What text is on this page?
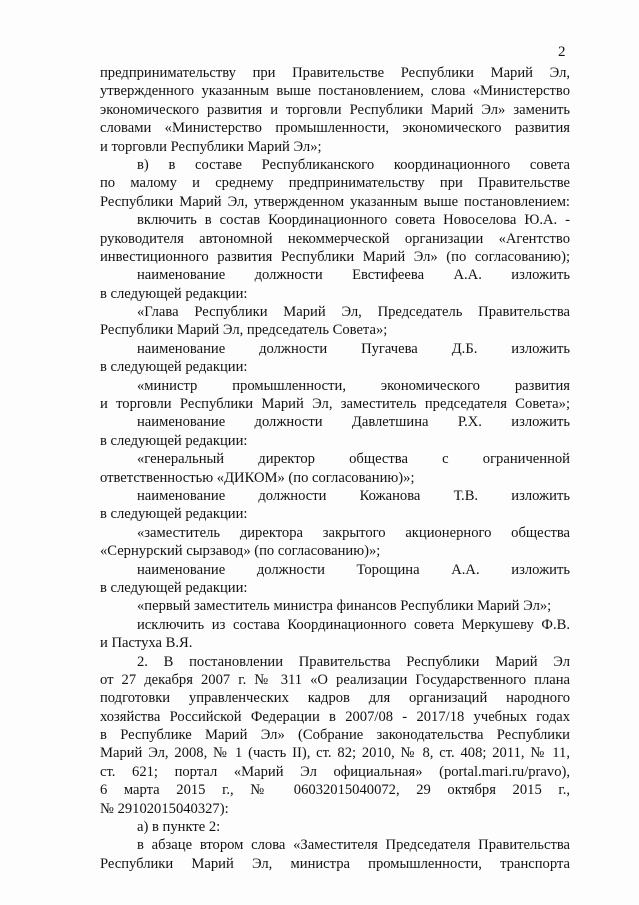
2
предпринимательству при Правительстве Республики Марий Эл,
утвержденного указанным выше постановлением, слова «Министерство
экономического развития и торговли Республики Марий Эл» заменить
словами «Министерство промышленности, экономического развития
и торговли Республики Марий Эл»;
в) в составе Республиканского координационного совета
по малому и среднему предпринимательству при Правительстве
Республики Марий Эл, утвержденном указанным выше постановлением:
включить в состав Координационного совета Новоселова Ю.А. -
руководителя автономной некоммерческой организации «Агентство
инвестиционного развития Республики Марий Эл» (по согласованию);
наименование должности Евстифеева А.А. изложить
в следующей редакции:
«Глава Республики Марий Эл, Председатель Правительства
Республики Марий Эл, председатель Совета»;
наименование должности Пугачева Д.Б. изложить
в следующей редакции:
«министр промышленности, экономического развития
и торговли Республики Марий Эл, заместитель председателя Совета»;
наименование должности Давлетшина Р.Х. изложить
в следующей редакции:
«генеральный директор общества с ограниченной
ответственностью «ДИКОМ» (по согласованию)»;
наименование должности Кожанова Т.В. изложить
в следующей редакции:
«заместитель директора закрытого акционерного общества
«Сернурский сырзавод» (по согласованию)»;
наименование должности Торощина А.А. изложить
в следующей редакции:
«первый заместитель министра финансов Республики Марий Эл»;
исключить из состава Координационного совета Меркушеву Ф.В.
и Пастуха В.Я.
2. В постановлении Правительства Республики Марий Эл
от 27 декабря 2007 г. № 311 «О реализации Государственного плана
подготовки управленческих кадров для организаций народного
хозяйства Российской Федерации в 2007/08 - 2017/18 учебных годах
в Республике Марий Эл» (Собрание законодательства Республики
Марий Эл, 2008, № 1 (часть II), ст. 82; 2010, № 8, ст. 408; 2011, № 11,
ст. 621; портал «Марий Эл официальная» (portal.mari.ru/pravo),
6 марта 2015 г., № 06032015040072, 29 октября 2015 г.,
№ 29102015040327):
а) в пункте 2:
в абзаце втором слова «Заместителя Председателя Правительства
Республики Марий Эл, министра промышленности, транспорта
